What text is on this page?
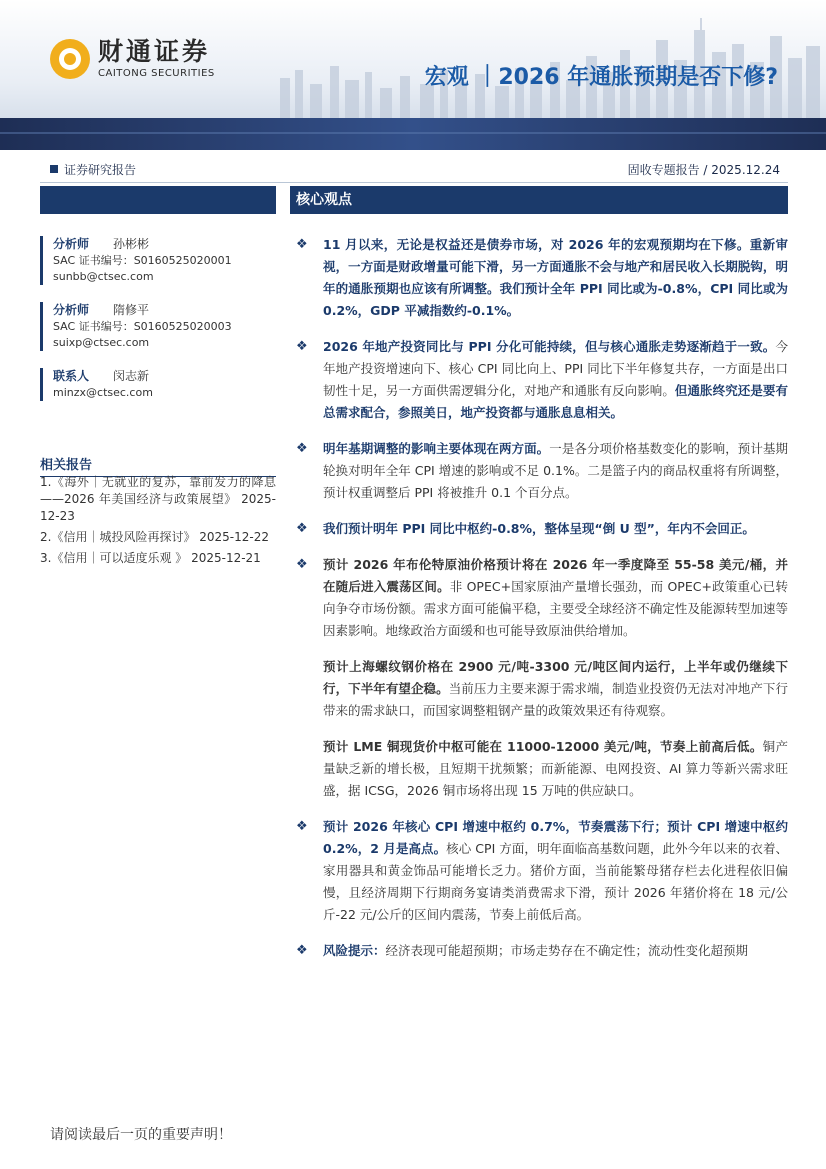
财通证券
CAITONG SECURITIES	宏观 ｜2026 年通胀预期是否下修?
证券研究报告	固收专题报告 / 2025.12.24
核心观点
分析师 孙彬彬
SAC 证书编号：S0160525020001
sunbb@ctsec.com
分析师 隋修平
SAC 证书编号：S0160525020003
suixp@ctsec.com
联系人 闵志新
minzx@ctsec.com
相关报告
1.《海外｜无就业的复苏，靠前发力的降息——2026 年美国经济与政策展望》 2025-12-23
2.《信用｜城投风险再探讨》 2025-12-22
3.《信用｜可以适度乐观 》 2025-12-21
❖ 11 月以来，无论是权益还是债券市场，对 2026 年的宏观预期均在下修。重新审视，一方面是财政增量可能下滑，另一方面通胀不会与地产和居民收入长期脱钩，明年的通胀预期也应该有所调整。我们预计全年 PPI 同比或为-0.8%，CPI 同比或为 0.2%，GDP 平减指数约-0.1%。
❖ 2026 年地产投资同比与 PPI 分化可能持续，但与核心通胀走势逐渐趋于一致。今年地产投资增速向下、核心 CPI 同比向上、PPI 同比下半年修复共存，一方面是出口韧性十足，另一方面供需逻辑分化，对地产和通胀有反向影响。但通胀终究还是要有总需求配合，参照美日，地产投资都与通胀息息相关。
❖ 明年基期调整的影响主要体现在两方面。一是各分项价格基数变化的影响，预计基期轮换对明年全年 CPI 增速的影响或不足 0.1%。二是篮子内的商品权重将有所调整，预计权重调整后 PPI 将被推升 0.1 个百分点。
❖ 我们预计明年 PPI 同比中枢约-0.8%，整体呈现“倒 U 型”，年内不会回正。
❖ 预计 2026 年布伦特原油价格预计将在 2026 年一季度降至 55-58 美元/桶，并在随后进入震荡区间。非 OPEC+国家原油产量增长强劲，而 OPEC+政策重心已转向争夺市场份额。需求方面可能偏平稳，主要受全球经济不确定性及能源转型加速等因素影响。地缘政治方面缓和也可能导致原油供给增加。
预计上海螺纹钢价格在 2900 元/吨-3300 元/吨区间内运行，上半年或仍继续下行，下半年有望企稳。当前压力主要来源于需求端，制造业投资仍无法对冲地产下行带来的需求缺口，而国家调整粗钢产量的政策效果还有待观察。
预计 LME 铜现货价中枢可能在 11000-12000 美元/吨，节奏上前高后低。铜产量缺乏新的增长极，且短期干扰频繁；而新能源、电网投资、AI 算力等新兴需求旺盛，据 ICSG，2026 铜市场将出现 15 万吨的供应缺口。
❖ 预计 2026 年核心 CPI 增速中枢约 0.7%，节奏震荡下行；预计 CPI 增速中枢约 0.2%，2 月是高点。核心 CPI 方面，明年面临高基数问题，此外今年以来的衣着、家用器具和黄金饰品可能增长乏力。猪价方面，当前能繁母猪存栏去化进程依旧偏慢，且经济周期下行期商务宴请类消费需求下滑，预计 2026 年猪价将在 18 元/公斤-22 元/公斤的区间内震荡，节奏上前低后高。
❖ 风险提示：经济表现可能超预期；市场走势存在不确定性；流动性变化超预期
请阅读最后一页的重要声明！
